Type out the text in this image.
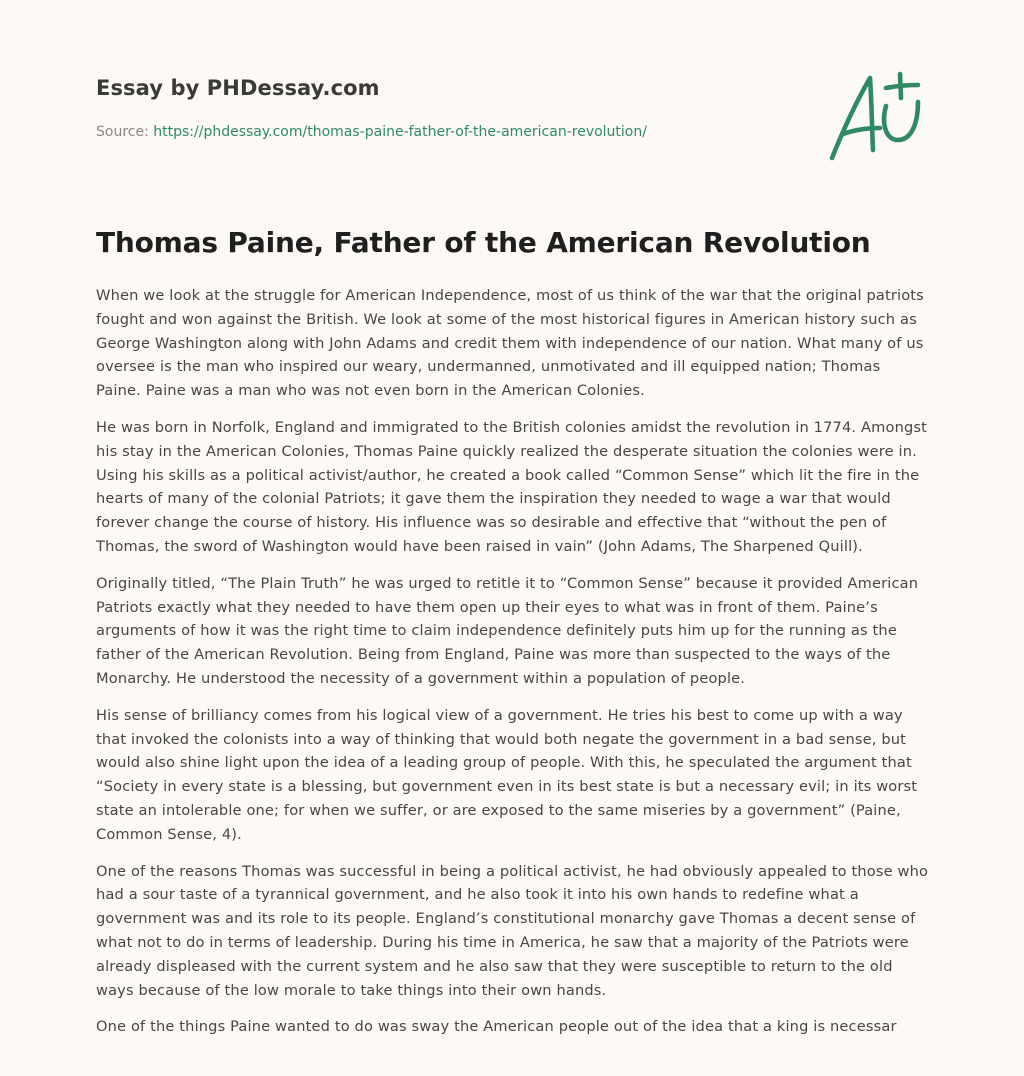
Essay by PHDessay.com
Source: https://phdessay.com/thomas-paine-father-of-the-american-revolution/
Thomas Paine, Father of the American Revolution

When we look at the struggle for American Independence, most of us think of the war that the original patriots fought and won against the British. We look at some of the most historical figures in American history such as George Washington along with John Adams and credit them with independence of our nation. What many of us oversee is the man who inspired our weary, undermanned, unmotivated and ill equipped nation; Thomas Paine. Paine was a man who was not even born in the American Colonies.

He was born in Norfolk, England and immigrated to the British colonies amidst the revolution in 1774. Amongst his stay in the American Colonies, Thomas Paine quickly realized the desperate situation the colonies were in. Using his skills as a political activist/author, he created a book called “Common Sense” which lit the fire in the hearts of many of the colonial Patriots; it gave them the inspiration they needed to wage a war that would forever change the course of history. His influence was so desirable and effective that “without the pen of Thomas, the sword of Washington would have been raised in vain” (John Adams, The Sharpened Quill).

Originally titled, “The Plain Truth” he was urged to retitle it to “Common Sense” because it provided American Patriots exactly what they needed to have them open up their eyes to what was in front of them. Paine’s arguments of how it was the right time to claim independence definitely puts him up for the running as the father of the American Revolution. Being from England, Paine was more than suspected to the ways of the Monarchy. He understood the necessity of a government within a population of people.

His sense of brilliancy comes from his logical view of a government. He tries his best to come up with a way that invoked the colonists into a way of thinking that would both negate the government in a bad sense, but would also shine light upon the idea of a leading group of people. With this, he speculated the argument that “Society in every state is a blessing, but government even in its best state is but a necessary evil; in its worst state an intolerable one; for when we suffer, or are exposed to the same miseries by a government” (Paine, Common Sense, 4).

One of the reasons Thomas was successful in being a political activist, he had obviously appealed to those who had a sour taste of a tyrannical government, and he also took it into his own hands to redefine what a government was and its role to its people. England’s constitutional monarchy gave Thomas a decent sense of what not to do in terms of leadership. During his time in America, he saw that a majority of the Patriots were already displeased with the current system and he also saw that they were susceptible to return to the old ways because of the low morale to take things into their own hands.

One of the things Paine wanted to do was sway the American people out of the idea that a king is necessar
